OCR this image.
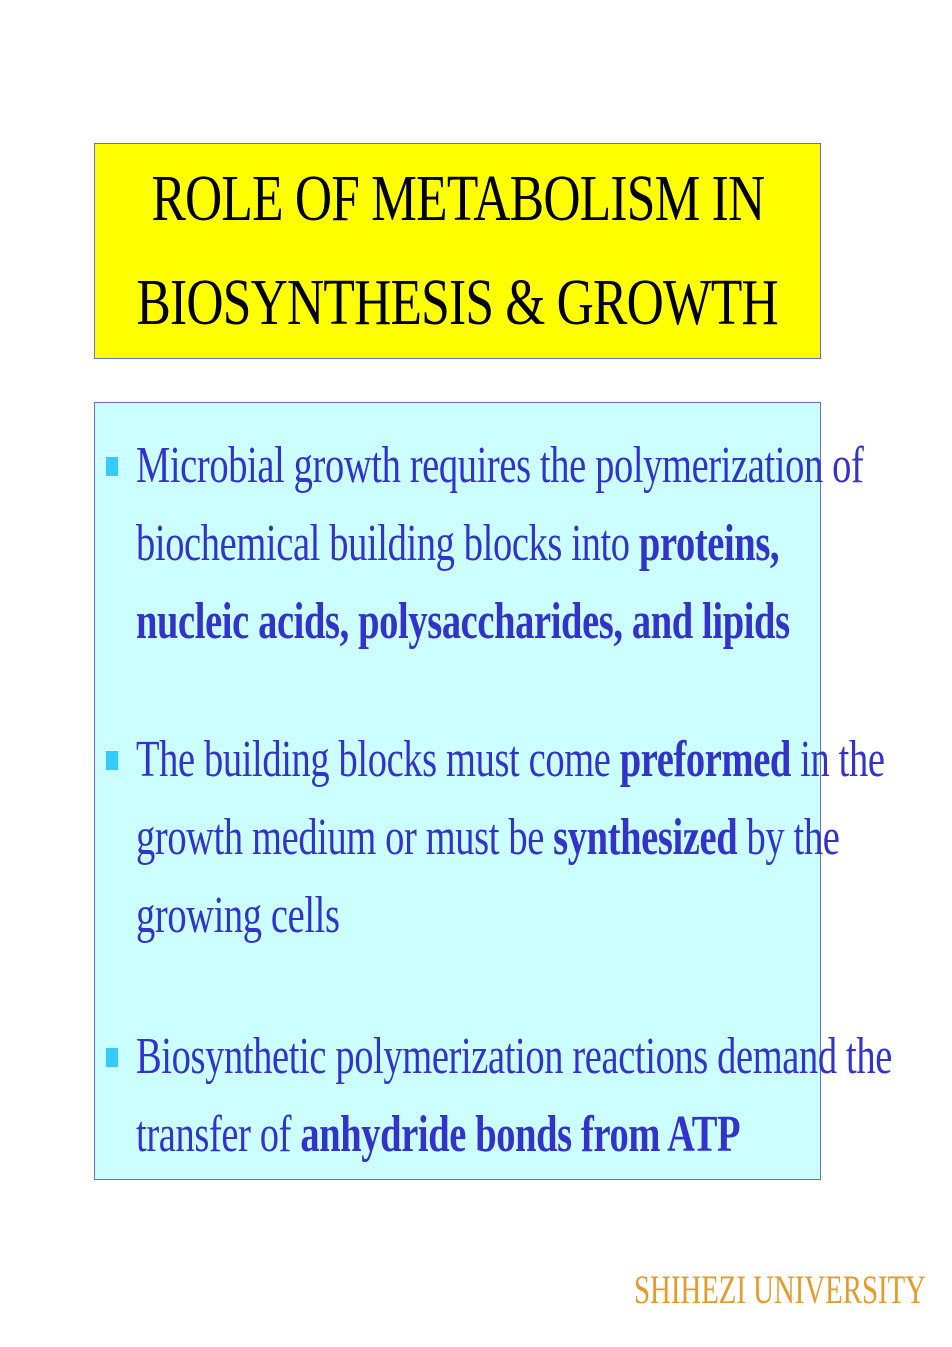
ROLE OF METABOLISM IN
BIOSYNTHESIS & GROWTH
Microbial growth requires the polymerization of
biochemical building blocks into proteins,
nucleic acids, polysaccharides, and lipids
The building blocks must come preformed in the
growth medium or must be synthesized by the
growing cells
Biosynthetic polymerization reactions demand the
transfer of anhydride bonds from ATP
SHIHEZI UNIVERSITY
